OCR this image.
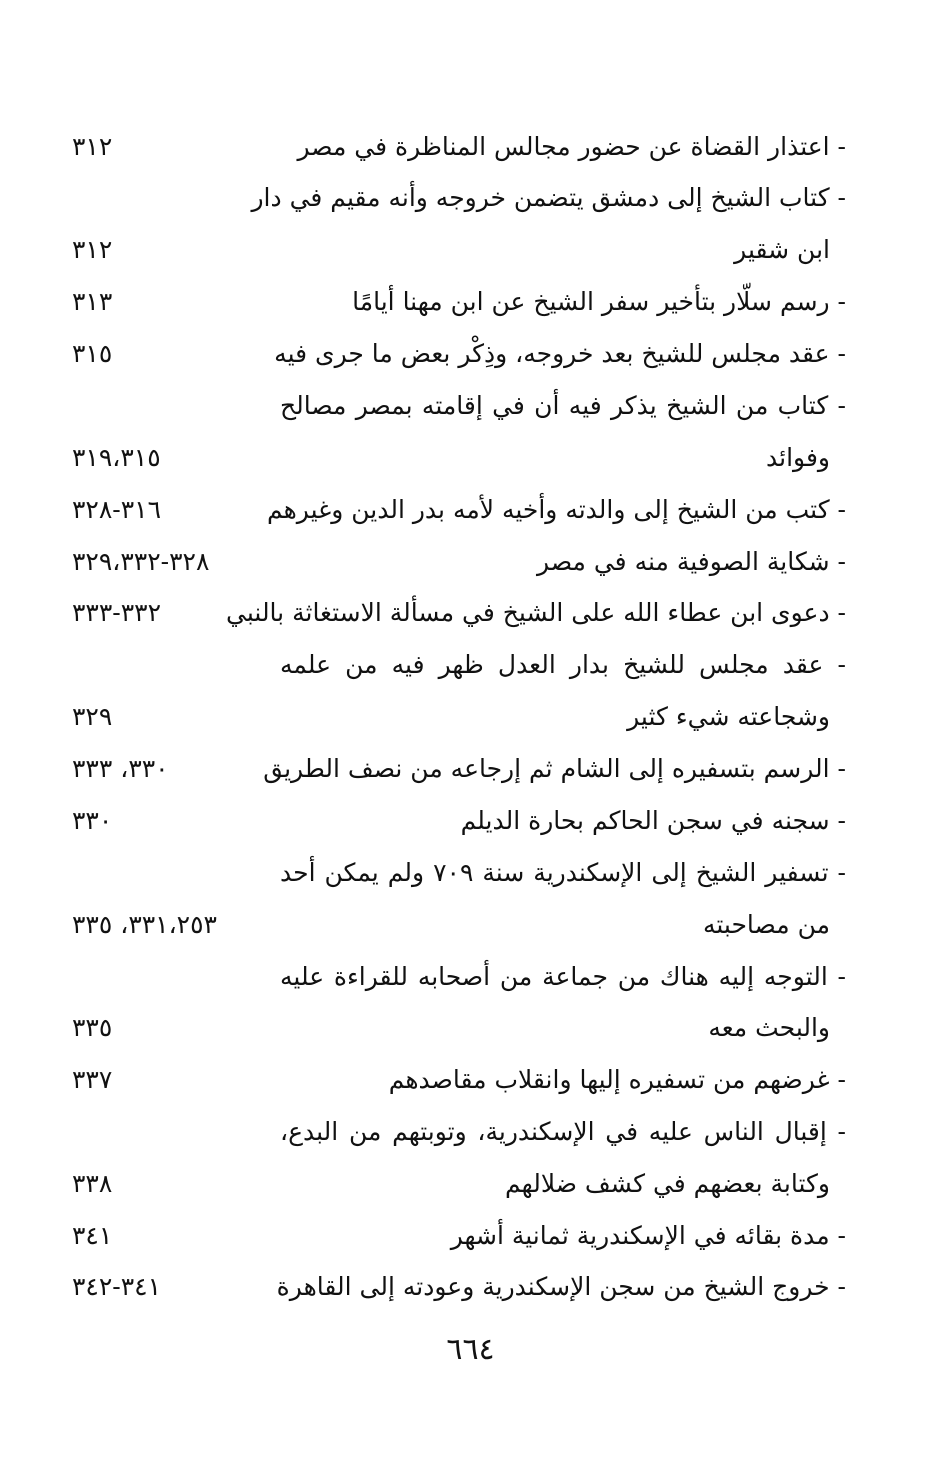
- اعتذار القضاة عن حضور مجالس المناظرة في مصر
٣١٢
- كتاب الشيخ إلى دمشق يتضمن خروجه وأنه مقيم في دار
ابن شقير
٣١٢
- رسم سلّار بتأخير سفر الشيخ عن ابن مهنا أيامًا
٣١٣
- عقد مجلس للشيخ بعد خروجه، وذِكْر بعض ما جرى فيه
٣١٥
- كتاب من الشيخ يذكر فيه أن في إقامته بمصر مصالح
وفوائد
٣١٩،٣١٥
- كتب من الشيخ إلى والدته وأخيه لأمه بدر الدين وغيرهم
٣١٦-٣٢٨
- شكاية الصوفية منه في مصر
٣٢٨-٣٢٩،٣٣٢
- دعوى ابن عطاء الله على الشيخ في مسألة الاستغاثة بالنبي
٣٣٢-٣٣٣
- عقد مجلس للشيخ بدار العدل ظهر فيه من علمه
وشجاعته شيء كثير
٣٢٩
- الرسم بتسفيره إلى الشام ثم إرجاعه من نصف الطريق
٣٣٠، ٣٣٣
- سجنه في سجن الحاكم بحارة الديلم
٣٣٠
- تسفير الشيخ إلى الإسكندرية سنة ٧٠٩ ولم يمكن أحد
من مصاحبته
٣٣١،٢٥٣، ٣٣٥
- التوجه إليه هناك من جماعة من أصحابه للقراءة عليه
والبحث معه
٣٣٥
- غرضهم من تسفيره إليها وانقلاب مقاصدهم
٣٣٧
- إقبال الناس عليه في الإسكندرية، وتوبتهم من البدع،
وكتابة بعضهم في كشف ضلالهم
٣٣٨
- مدة بقائه في الإسكندرية ثمانية أشهر
٣٤١
- خروج الشيخ من سجن الإسكندرية وعودته إلى القاهرة
٣٤١-٣٤٢
٦٦٤
